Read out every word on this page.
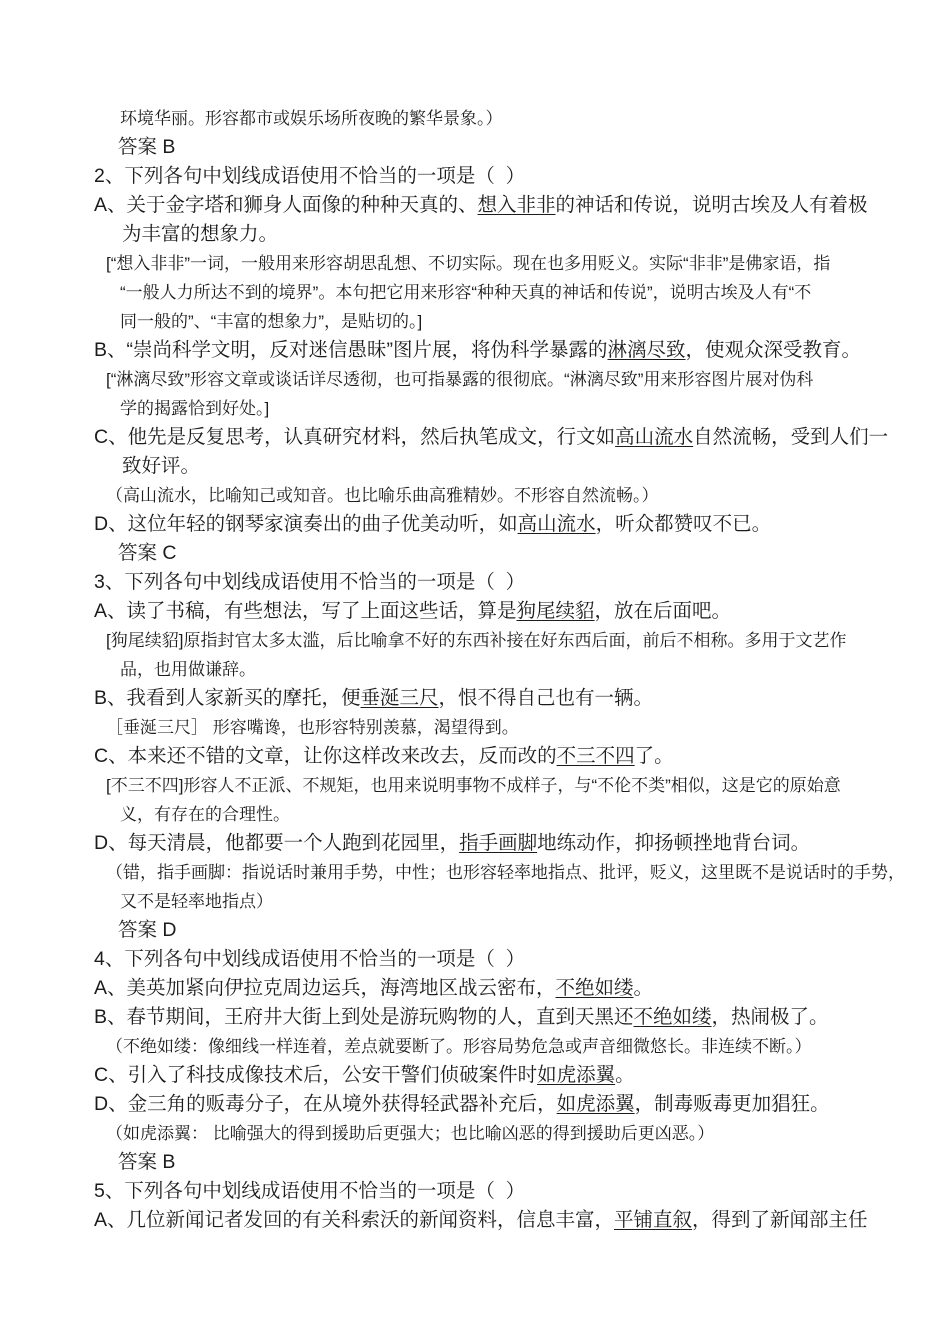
环境华丽。形容都市或娱乐场所夜晚的繁华景象。）
答案 B
2、下列各句中划线成语使用不恰当的一项是（  ）
A、关于金字塔和狮身人面像的种种天真的、想入非非的神话和传说，说明古埃及人有着极
为丰富的想象力。
[“想入非非”一词，一般用来形容胡思乱想、不切实际。现在也多用贬义。实际“非非”是佛家语，指
“一般人力所达不到的境界”。本句把它用来形容“种种天真的神话和传说”，说明古埃及人有“不
同一般的”、“丰富的想象力”，是贴切的。]
B、“崇尚科学文明，反对迷信愚昧”图片展，将伪科学暴露的淋漓尽致，使观众深受教育。
[“淋漓尽致”形容文章或谈话详尽透彻，也可指暴露的很彻底。“淋漓尽致”用来形容图片展对伪科
学的揭露恰到好处。]
C、他先是反复思考，认真研究材料，然后执笔成文，行文如高山流水自然流畅，受到人们一
致好评。
（高山流水，比喻知己或知音。也比喻乐曲高雅精妙。不形容自然流畅。）
D、这位年轻的钢琴家演奏出的曲子优美动听，如高山流水，听众都赞叹不已。
答案 C
3、下列各句中划线成语使用不恰当的一项是（  ）
A、读了书稿，有些想法，写了上面这些话，算是狗尾续貂，放在后面吧。
[狗尾续貂]原指封官太多太滥，后比喻拿不好的东西补接在好东西后面，前后不相称。多用于文艺作
品，也用做谦辞。
B、我看到人家新买的摩托，便垂涎三尺，恨不得自己也有一辆。
［垂涎三尺］ 形容嘴谗，也形容特别羡慕，渴望得到。
C、本来还不错的文章，让你这样改来改去，反而改的不三不四了。
[不三不四]形容人不正派、不规矩，也用来说明事物不成样子，与“不伦不类”相似，这是它的原始意
义，有存在的合理性。
D、每天清晨，他都要一个人跑到花园里，指手画脚地练动作，抑扬顿挫地背台词。
（错，指手画脚：指说话时兼用手势，中性；也形容轻率地指点、批评，贬义，这里既不是说话时的手势，
又不是轻率地指点）
答案 D
4、下列各句中划线成语使用不恰当的一项是（  ）
A、美英加紧向伊拉克周边运兵，海湾地区战云密布，不绝如缕。
B、春节期间，王府井大街上到处是游玩购物的人，直到天黑还不绝如缕，热闹极了。
（不绝如缕：像细线一样连着，差点就要断了。形容局势危急或声音细微悠长。非连续不断。）
C、引入了科技成像技术后，公安干警们侦破案件时如虎添翼。
D、金三角的贩毒分子，在从境外获得轻武器补充后，如虎添翼，制毒贩毒更加猖狂。
（如虎添翼： 比喻强大的得到援助后更强大；也比喻凶恶的得到援助后更凶恶。）
答案 B
5、下列各句中划线成语使用不恰当的一项是（  ）
A、几位新闻记者发回的有关科索沃的新闻资料，信息丰富，平铺直叙，得到了新闻部主任
